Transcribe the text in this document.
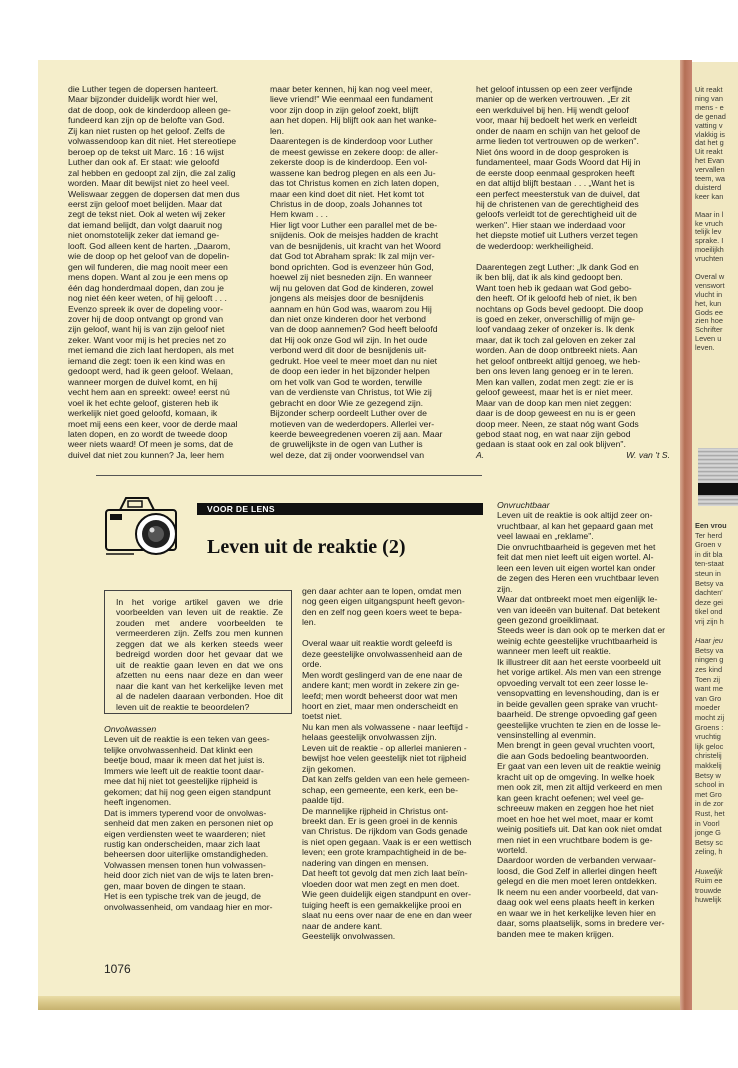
Uit reakt
ning van
mens - e
de genad
vatting v
vlakkig is
dat het g
Uit reakt
het Evan
vervallen
teem, wa
duisterd
keer kan
Maar in l
ke vruch
telijk lev
sprake. I
moeilijkh
vruchten
Overal w
venswort
vlucht in
het, kun
Gods ee
zien hoe
Schrifter
Leven u
leven.
Een vrou
Ter herd
Groen v
in dit bla
ten-staat
steun in
Betsy va
dachten'
deze gei
tikel ond
vrij zijn h
Haar jeu
Betsy va
ningen g
zes kind
Toen zij
want me
van Gro
moeder
mocht zij
Groens :
vruchtig
lijk geloc
christelij
makkelij
Betsy w
school in
met Gro
in de zor
Rust, het
in Voorl
jonge G
Betsy sc
zeling, h
Huwelijk
Ruim ee
trouwde
huwelijk

die Luther tegen de dopersen hanteert.

Maar bijzonder duidelijk wordt hier wel,

dat de doop, ook de kinderdoop alleen ge-

fundeerd kan zijn op de belofte van God.

Zij kan niet rusten op het geloof. Zelfs de

volwassendoop kan dit niet. Het stereotiepe

beroep op de tekst uit Marc. 16 : 16 wijst

Luther dan ook af. Er staat: wie geloofd

zal hebben en gedoopt zal zijn, die zal zalig

worden. Maar dit bewijst niet zo heel veel.

Weliswaar zeggen de dopersen dat men dus

eerst zijn geloof moet belijden. Maar dat

zegt de tekst niet. Ook al weten wij zeker

dat iemand belijdt, dan volgt daaruit nog

niet onomstotelijk zeker dat iemand ge-

looft. God alleen kent de harten. „Daarom,

wie de doop op het geloof van de dopelin-

gen wil funderen, die mag nooit meer een

mens dopen. Want al zou je een mens op

één dag honderdmaal dopen, dan zou je

nog niet één keer weten, of hij gelooft . . .

Evenzo spreek ik over de dopeling voor-

zover hij de doop ontvangt op grond van

zijn geloof, want hij is van zijn geloof niet

zeker. Want voor mij is het precies net zo

met iemand die zich laat herdopen, als met

iemand die zegt: toen ik een kind was en

gedoopt werd, had ik geen geloof. Welaan,

wanneer morgen de duivel komt, en hij

vecht hem aan en spreekt: owee! eerst nú

voel ik het echte geloof, gisteren heb ik

werkelijk niet goed geloofd, komaan, ik

moet mij eens een keer, voor de derde maal

laten dopen, en zo wordt de tweede doop

weer niets waard! Of meen je soms, dat de

duivel dat niet zou kunnen? Ja, leer hem

maar beter kennen, hij kan nog veel meer,

lieve vriend!" Wie eenmaal een fundament

voor zijn doop in zijn geloof zoekt, blijft

aan het dopen. Hij blijft ook aan het wanke-

len.

Daarentegen is de kinderdoop voor Luther

de meest gewisse en zekere doop: de aller-

zekerste doop is de kinderdoop. Een vol-

wassene kan bedrog plegen en als een Ju-

das tot Christus komen en zich laten dopen,

maar een kind doet dit niet. Het komt tot

Christus in de doop, zoals Johannes tot

Hem kwam . . .

Hier ligt voor Luther een parallel met de be-

snijdenis. Ook de meisjes hadden de kracht

van de besnijdenis, uit kracht van het Woord

dat God tot Abraham sprak: Ik zal mijn ver-

bond oprichten. God is evenzeer hún God,

hoewel zij niet besneden zijn. En wanneer

wij nu geloven dat God de kinderen, zowel

jongens als meisjes door de besnijdenis

aannam en hún God was, waarom zou Hij

dan niet onze kinderen door het verbond

van de doop aannemen? God heeft beloofd

dat Hij ook onze God wil zijn. In het oude

verbond werd dit door de besnijdenis uit-

gedrukt. Hoe veel te meer moet dan nu niet

de doop een ieder in het bijzonder helpen

om het volk van God te worden, terwille

van de verdienste van Christus, tot Wie zij

gebracht en door Wie ze gezegend zijn.

Bijzonder scherp oordeelt Luther over de

motieven van de wederdopers. Allerlei ver-

keerde beweegredenen voeren zij aan. Maar

de gruwelijkste in de ogen van Luther is

wel deze, dat zij onder voorwendsel van

het geloof intussen op een zeer verfijnde

manier op de werken vertrouwen. „Er zit

een werkduivel bij hen. Hij wendt geloof

voor, maar hij bedoelt het werk en verleidt

onder de naam en schijn van het geloof de

arme lieden tot vertrouwen op de werken".

Niet óns woord in de doop gesproken is

fundamenteel, maar Gods Woord dat Hij in

de eerste doop eenmaal gesproken heeft

en dat altijd blijft bestaan . . . „Want het is

een perfect meesterstuk van de duivel, dat

hij de christenen van de gerechtigheid des

geloofs verleidt tot de gerechtigheid uit de

werken". Hier staan we inderdaad voor

het diepste motief uit Luthers verzet tegen

de wederdoop: werkheiligheid.

Daarentegen zegt Luther: „Ik dank God en

ik ben blij, dat ik als kind gedoopt ben.

Want toen heb ik gedaan wat God gebo-

den heeft. Of ik geloofd heb of niet, ik ben

nochtans op Gods bevel gedoopt. Die doop

is goed en zeker, onverschillig of mijn ge-

loof vandaag zeker of onzeker is. Ik denk

maar, dat ik toch zal geloven en zeker zal

worden. Aan de doop ontbreekt niets. Aan

het geloof ontbreekt altijd genoeg, we heb-

ben ons leven lang genoeg er in te leren.

Men kan vallen, zodat men zegt: zie er is

geloof geweest, maar het is er niet meer.

Maar van de doop kan men niet zeggen:

daar is de doop geweest en nu is er geen

doop meer. Neen, ze staat nóg want Gods

gebod staat nog, en wat naar zijn gebod

gedaan is staat ook en zal ook blijven".

A.	W. van 't S.
VOOR DE LENS
Leven uit de reaktie (2)

In het vorige artikel gaven we drie voorbeelden van leven uit de reaktie. Ze zouden met andere voorbeelden te vermeerderen zijn. Zelfs zou men kunnen zeggen dat we als kerken steeds weer bedreigd worden door het gevaar dat we uit de reaktie gaan leven en dat we ons afzetten nu eens naar deze en dan weer naar die kant van het kerkelijke leven met al de nadelen daaraan verbonden. Hoe dit leven uit de reaktie te beoordelen?

Onvolwassen

Leven uit de reaktie is een teken van gees-

telijke onvolwassenheid. Dat klinkt een

beetje boud, maar ik meen dat het juist is.

Immers wie leeft uit de reaktie toont daar-

mee dat hij niet tot geestelijke rijpheid is

gekomen; dat hij nog geen eigen standpunt

heeft ingenomen.

Dat is immers typerend voor de onvolwas-

senheid dat men zaken en personen niet op

eigen verdiensten weet te waarderen; niet

rustig kan onderscheiden, maar zich laat

beheersen door uiterlijke omstandigheden.

Volwassen mensen tonen hun volwassen-

heid door zich niet van de wijs te laten bren-

gen, maar boven de dingen te staan.

Het is een typische trek van de jeugd, de

onvolwassenheid, om vandaag hier en mor-

gen daar achter aan te lopen, omdat men

nog geen eigen uitgangspunt heeft gevon-

den en zelf nog geen koers weet te bepa-

len.

Overal waar uit reaktie wordt geleefd is

deze geestelijke onvolwassenheid aan de

orde.

Men wordt geslingerd van de ene naar de

andere kant; men wordt in zekere zin ge-

leefd; men wordt beheerst door wat men

hoort en ziet, maar men onderscheidt en

toetst niet.

Nu kan men als volwassene - naar leeftijd -

helaas geestelijk onvolwassen zijn.

Leven uit de reaktie - op allerlei manieren -

bewijst hoe velen geestelijk niet tot rijpheid

zijn gekomen.

Dat kan zelfs gelden van een hele gemeen-

schap, een gemeente, een kerk, een be-

paalde tijd.

De mannelijke rijpheid in Christus ont-

breekt dan. Er is geen groei in de kennis

van Christus. De rijkdom van Gods genade

is niet open gegaan. Vaak is er een wettisch

leven; een grote krampachtigheid in de be-

nadering van dingen en mensen.

Dat heeft tot gevolg dat men zich laat beïn-

vloeden door wat men zegt en men doet.

Wie geen duidelijk eigen standpunt en over-

tuiging heeft is een gemakkelijke prooi en

slaat nu eens over naar de ene en dan weer

naar de andere kant.

Geestelijk onvolwassen.

Onvruchtbaar

Leven uit de reaktie is ook altijd zeer on-

vruchtbaar, al kan het gepaard gaan met

veel lawaai en „reklame".

Die onvruchtbaarheid is gegeven met het

feit dat men niet leeft uit eigen wortel. Al-

leen een leven uit eigen wortel kan onder

de zegen des Heren een vruchtbaar leven

zijn.

Waar dat ontbreekt moet men eigenlijk le-

ven van ideeën van buitenaf. Dat betekent

geen gezond groeiklimaat.

Steeds weer is dan ook op te merken dat er

weinig echte geestelijke vruchtbaarheid is

wanneer men leeft uit reaktie.

Ik illustreer dit aan het eerste voorbeeld uit

het vorige artikel. Als men van een strenge

opvoeding vervalt tot een zeer losse le-

vensopvatting en levenshouding, dan is er

in beide gevallen geen sprake van vrucht-

baarheid. De strenge opvoeding gaf geen

geestelijke vruchten te zien en de losse le-

vensinstelling al evenmin.

Men brengt in geen geval vruchten voort,

die aan Gods bedoeling beantwoorden.

Er gaat van een leven uit de reaktie weinig

kracht uit op de omgeving. In welke hoek

men ook zit, men zit altijd verkeerd en men

kan geen kracht oefenen; wel veel ge-

schreeuw maken en zeggen hoe het niet

moet en hoe het wel moet, maar er komt

weinig positiefs uit. Dat kan ook niet omdat

men niet in een vruchtbare bodem is ge-

worteld.

Daardoor worden de verbanden verwaar-

loosd, die God Zelf in allerlei dingen heeft

gelegd en die men moet leren ontdekken.

Ik neem nu een ander voorbeeld, dat van-

daag ook wel eens plaats heeft in kerken

en waar we in het kerkelijke leven hier en

daar, soms plaatselijk, soms in bredere ver-

banden mee te maken krijgen.

1076
